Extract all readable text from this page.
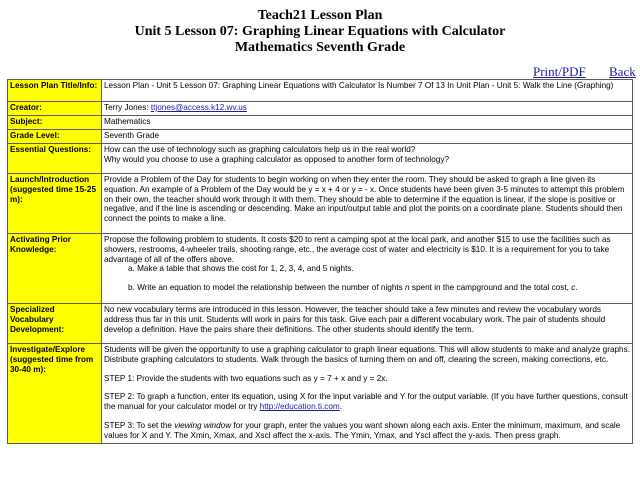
Teach21 Lesson Plan
Unit 5 Lesson 07: Graphing Linear Equations with Calculator
Mathematics Seventh Grade
Print/PDF Back
Lesson Plan Title/Info:	Lesson Plan - Unit 5 Lesson 07: Graphing Linear Equations with Calculator Is Number 7 Of 13 In Unit Plan - Unit 5: Walk the Line (Graphing)
Creator:	Terry Jones: ttjones@access.k12.wv.us
Subject:	Mathematics
Grade Level:	Seventh Grade
Essential Questions:	How can the use of technology such as graphing calculators help us in the real world?

Why would you choose to use a graphing calculator as opposed to another form of technology?

Launch/Introduction (suggested time 15-25 m):	Provide a Problem of the Day for students to begin working on when they enter the room. They should be asked to graph a line given its equation. An example of a Problem of the Day would be y = x + 4 or y = - x. Once students have been given 3-5 minutes to attempt this problem on their own, the teacher should work through it with them. They should be able to determine if the equation is linear, if the slope is positive or negative, and if the line is ascending or descending. Make an input/output table and plot the points on a coordinate plane. Students should then connect the points to make a line.
Activating Prior Knowledge:	Propose the following problem to students. It costs $20 to rent a camping spot at the local park, and another $15 to use the facilities such as showers, restrooms, 4-wheeler trails, shooting range, etc., the average cost of water and electricity is $10. It is a requirement for you to take advantage of all of the offers above.

a. Make a table that shows the cost for 1, 2, 3, 4, and 5 nights.

b. Write an equation to model the relationship between the number of nights n spent in the campground and the total cost, c.

Specialized Vocabulary Development:	No new vocabulary terms are introduced in this lesson. However, the teacher should take a few minutes and review the vocabulary words address thus far in this unit. Students will work in pairs for this task. Give each pair a different vocabulary work. The pair of students should develop a definition. Have the pairs share their definitions. The other students should identify the term.
Investigate/Explore (suggested time from 30-40 m):	Students will be given the opportunity to use a graphing calculator to graph linear equations. This will allow students to make and analyze graphs. Distribute graphing calculators to students. Walk through the basics of turning them on and off, clearing the screen, making corrections, etc.

STEP 1: Provide the students with two equations such as y = 7 + x and y = 2x.

STEP 2: To graph a function, enter its equation, using X for the input variable and Y for the output variable. (If you have further questions, consult the manual for your calculator model or try http://education.ti.com.

STEP 3: To set the viewing window for your graph, enter the values you want shown along each axis. Enter the minimum, maximum, and scale values for X and Y. The Xmin, Xmax, and Xscl affect the x-axis. The Ymin, Ymax, and Yscl affect the y-axis. Then press graph.
